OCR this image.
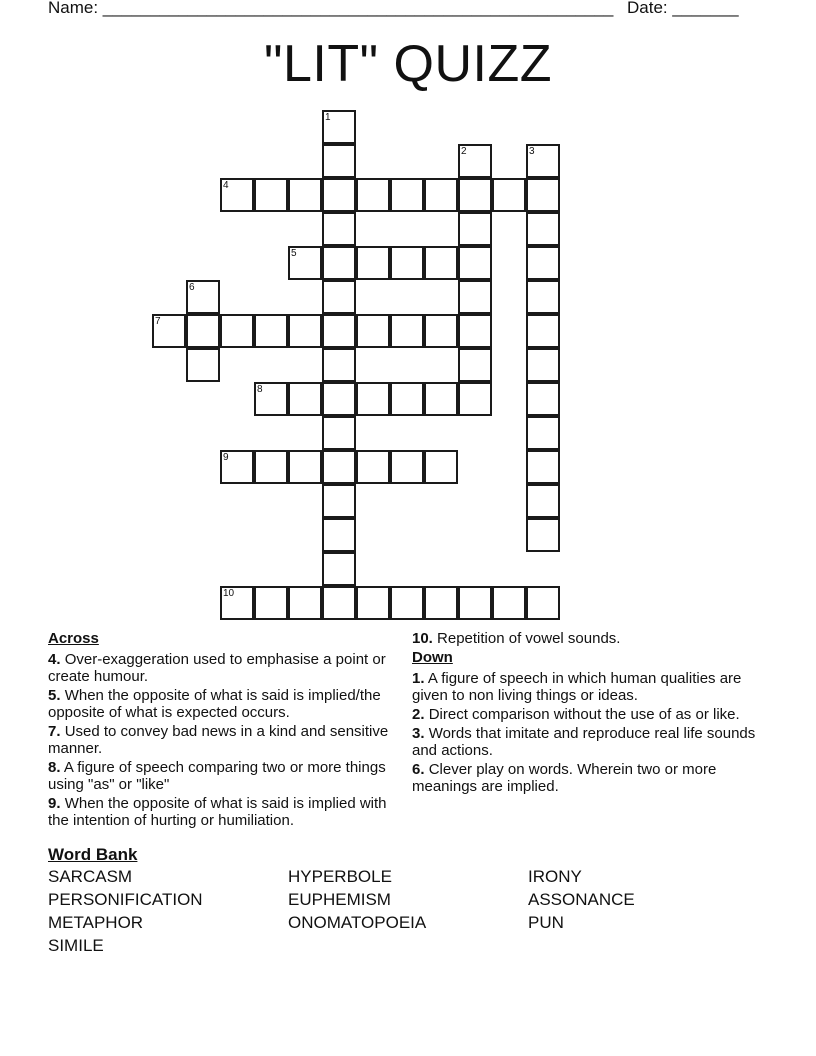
Name: ______________________________________________________ Date: _______
"LIT" QUIZZ
1
2	3
4
5
6
7
8
9
10
Across
4. Over-exaggeration used to emphasise a point or create humour.
5. When the opposite of what is said is implied/the opposite of what is expected occurs.
7. Used to convey bad news in a kind and sensitive manner.
8. A figure of speech comparing two or more things using "as" or "like"
9. When the opposite of what is said is implied with the intention of hurting or humiliation.
10. Repetition of vowel sounds.
Down
1. A figure of speech in which human qualities are given to non living things or ideas.
2. Direct comparison without the use of as or like.
3. Words that imitate and reproduce real life sounds and actions.
6. Clever play on words. Wherein two or more meanings are implied.
Word Bank
SARCASM	HYPERBOLE	IRONY
PERSONIFICATION	EUPHEMISM	ASSONANCE
METAPHOR	ONOMATOPOEIA	PUN
SIMILE
